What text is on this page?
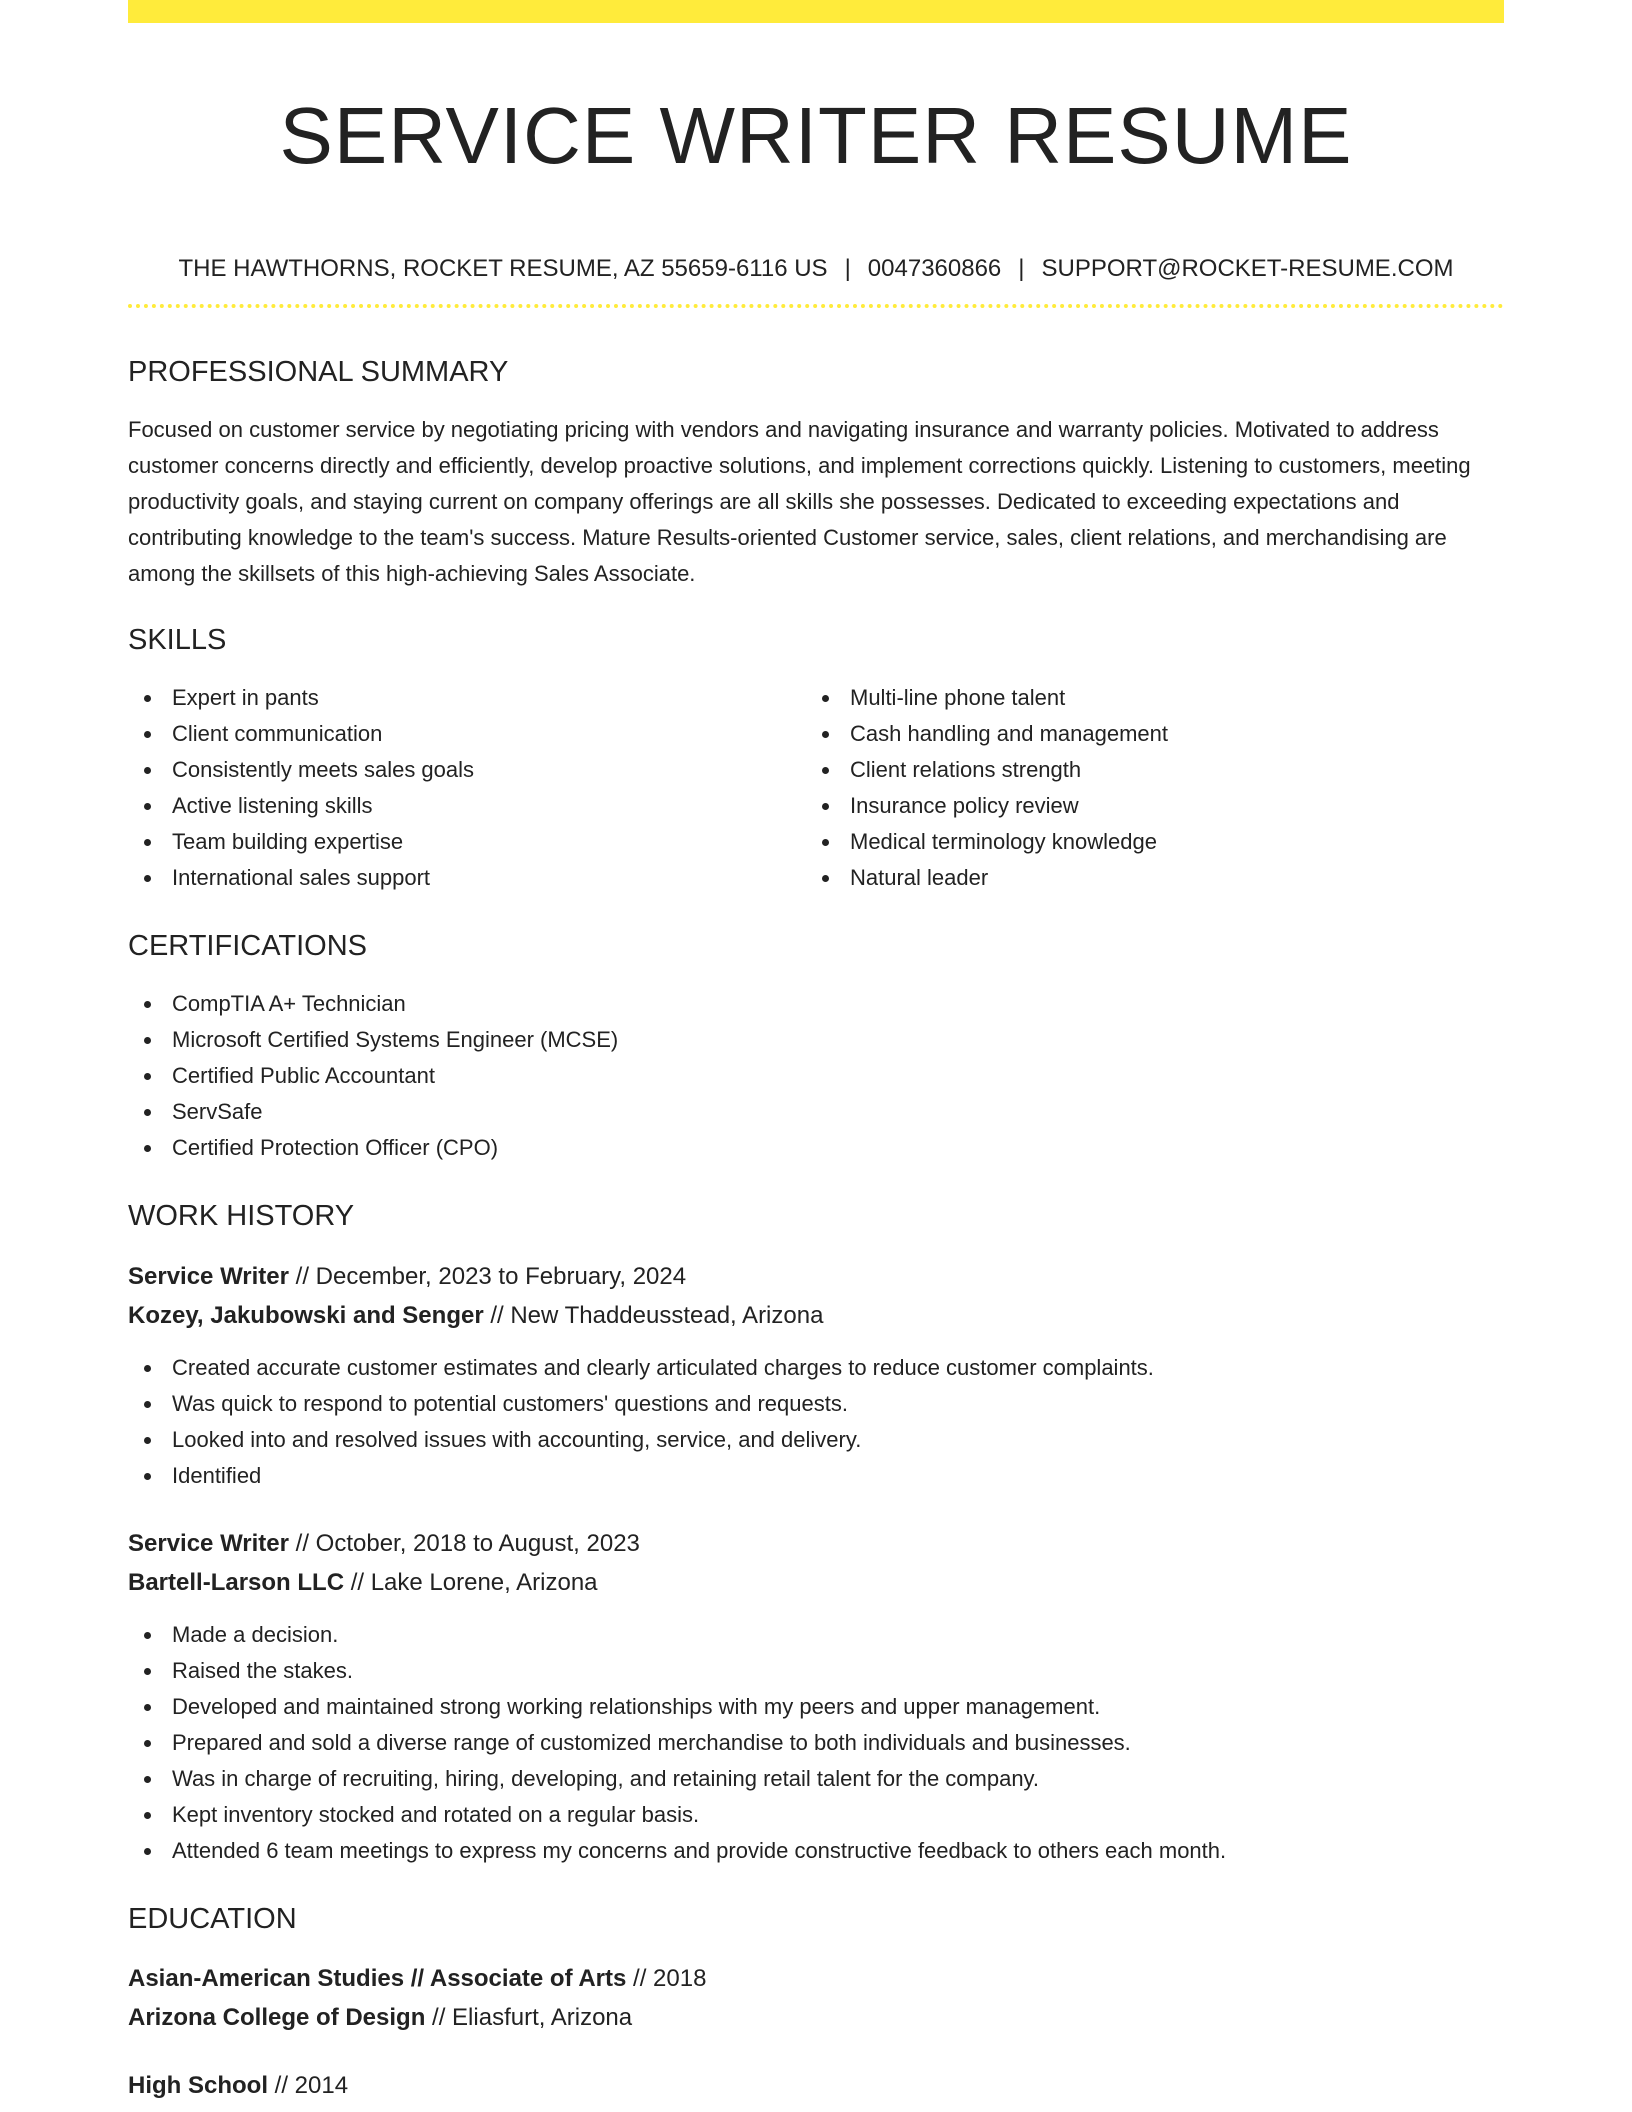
SERVICE WRITER RESUME
THE HAWTHORNS, ROCKET RESUME, AZ 55659-6116 US | 0047360866 | SUPPORT@ROCKET-RESUME.COM
PROFESSIONAL SUMMARY
Focused on customer service by negotiating pricing with vendors and navigating insurance and warranty policies. Motivated to address customer concerns directly and efficiently, develop proactive solutions, and implement corrections quickly. Listening to customers, meeting productivity goals, and staying current on company offerings are all skills she possesses. Dedicated to exceeding expectations and contributing knowledge to the team's success. Mature Results-oriented Customer service, sales, client relations, and merchandising are among the skillsets of this high-achieving Sales Associate.
SKILLS
Expert in pants
Client communication
Consistently meets sales goals
Active listening skills
Team building expertise
International sales support
Multi-line phone talent
Cash handling and management
Client relations strength
Insurance policy review
Medical terminology knowledge
Natural leader
CERTIFICATIONS
CompTIA A+ Technician
Microsoft Certified Systems Engineer (MCSE)
Certified Public Accountant
ServSafe
Certified Protection Officer (CPO)
WORK HISTORY
Service Writer // December, 2023 to February, 2024
Kozey, Jakubowski and Senger // New Thaddeusstead, Arizona
Created accurate customer estimates and clearly articulated charges to reduce customer complaints.
Was quick to respond to potential customers' questions and requests.
Looked into and resolved issues with accounting, service, and delivery.
Identified
Service Writer // October, 2018 to August, 2023
Bartell-Larson LLC // Lake Lorene, Arizona
Made a decision.
Raised the stakes.
Developed and maintained strong working relationships with my peers and upper management.
Prepared and sold a diverse range of customized merchandise to both individuals and businesses.
Was in charge of recruiting, hiring, developing, and retaining retail talent for the company.
Kept inventory stocked and rotated on a regular basis.
Attended 6 team meetings to express my concerns and provide constructive feedback to others each month.
EDUCATION
Asian-American Studies // Associate of Arts // 2018
Arizona College of Design // Eliasfurt, Arizona
High School // 2014
